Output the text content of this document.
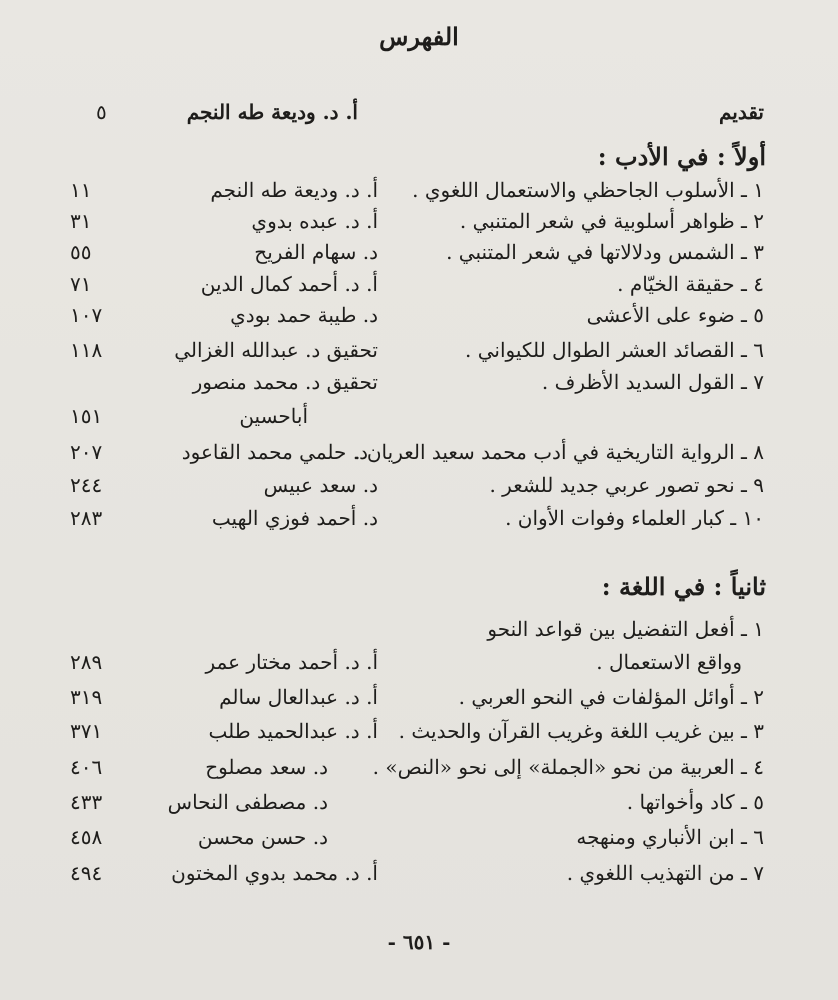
الفهرس
تقديم
أ. د. وديعة طه النجم
٥
أولاً : في الأدب :
١ ـ الأسلوب الجاحظي والاستعمال اللغوي .
أ. د. وديعة طه النجم
١١
٢ ـ ظواهر أسلوبية في شعر المتنبي .
أ. د. عبده بدوي
٣١
٣ ـ الشمس ودلالاتها في شعر المتنبي .
د. سهام الفريح
٥٥
٤ ـ حقيقة الخيّام .
أ. د. أحمد كمال الدين
٧١
٥ ـ ضوء على الأعشى
د. طيبة حمد بودي
١٠٧
٦ ـ القصائد العشر الطوال للكيواني .
تحقيق د. عبدالله الغزالي
١١٨
٧ ـ القول السديد الأظرف .
تحقيق د. محمد منصور
أباحسين
١٥١
٨ ـ الرواية التاريخية في أدب محمد سعيد العريان .
د. حلمي محمد القاعود
٢٠٧
٩ ـ نحو تصور عربي جديد للشعر .
د. سعد عبيس
٢٤٤
١٠ ـ كبار العلماء وفوات الأوان .
د. أحمد فوزي الهيب
٢٨٣
ثانياً : في اللغة :
١ ـ أفعل التفضيل بين قواعد النحو
وواقع الاستعمال .
أ. د. أحمد مختار عمر
٢٨٩
٢ ـ أوائل المؤلفات في النحو العربي .
أ. د. عبدالعال سالم
٣١٩
٣ ـ بين غريب اللغة وغريب القرآن والحديث .
أ. د. عبدالحميد طلب
٣٧١
٤ ـ العربية من نحو «الجملة» إلى نحو «النص» .
د. سعد مصلوح
٤٠٦
٥ ـ كاد وأخواتها .
د. مصطفى النحاس
٤٣٣
٦ ـ ابن الأنباري ومنهجه
د. حسن محسن
٤٥٨
٧ ـ من التهذيب اللغوي .
أ. د. محمد بدوي المختون
٤٩٤
- ٦٥١ -
